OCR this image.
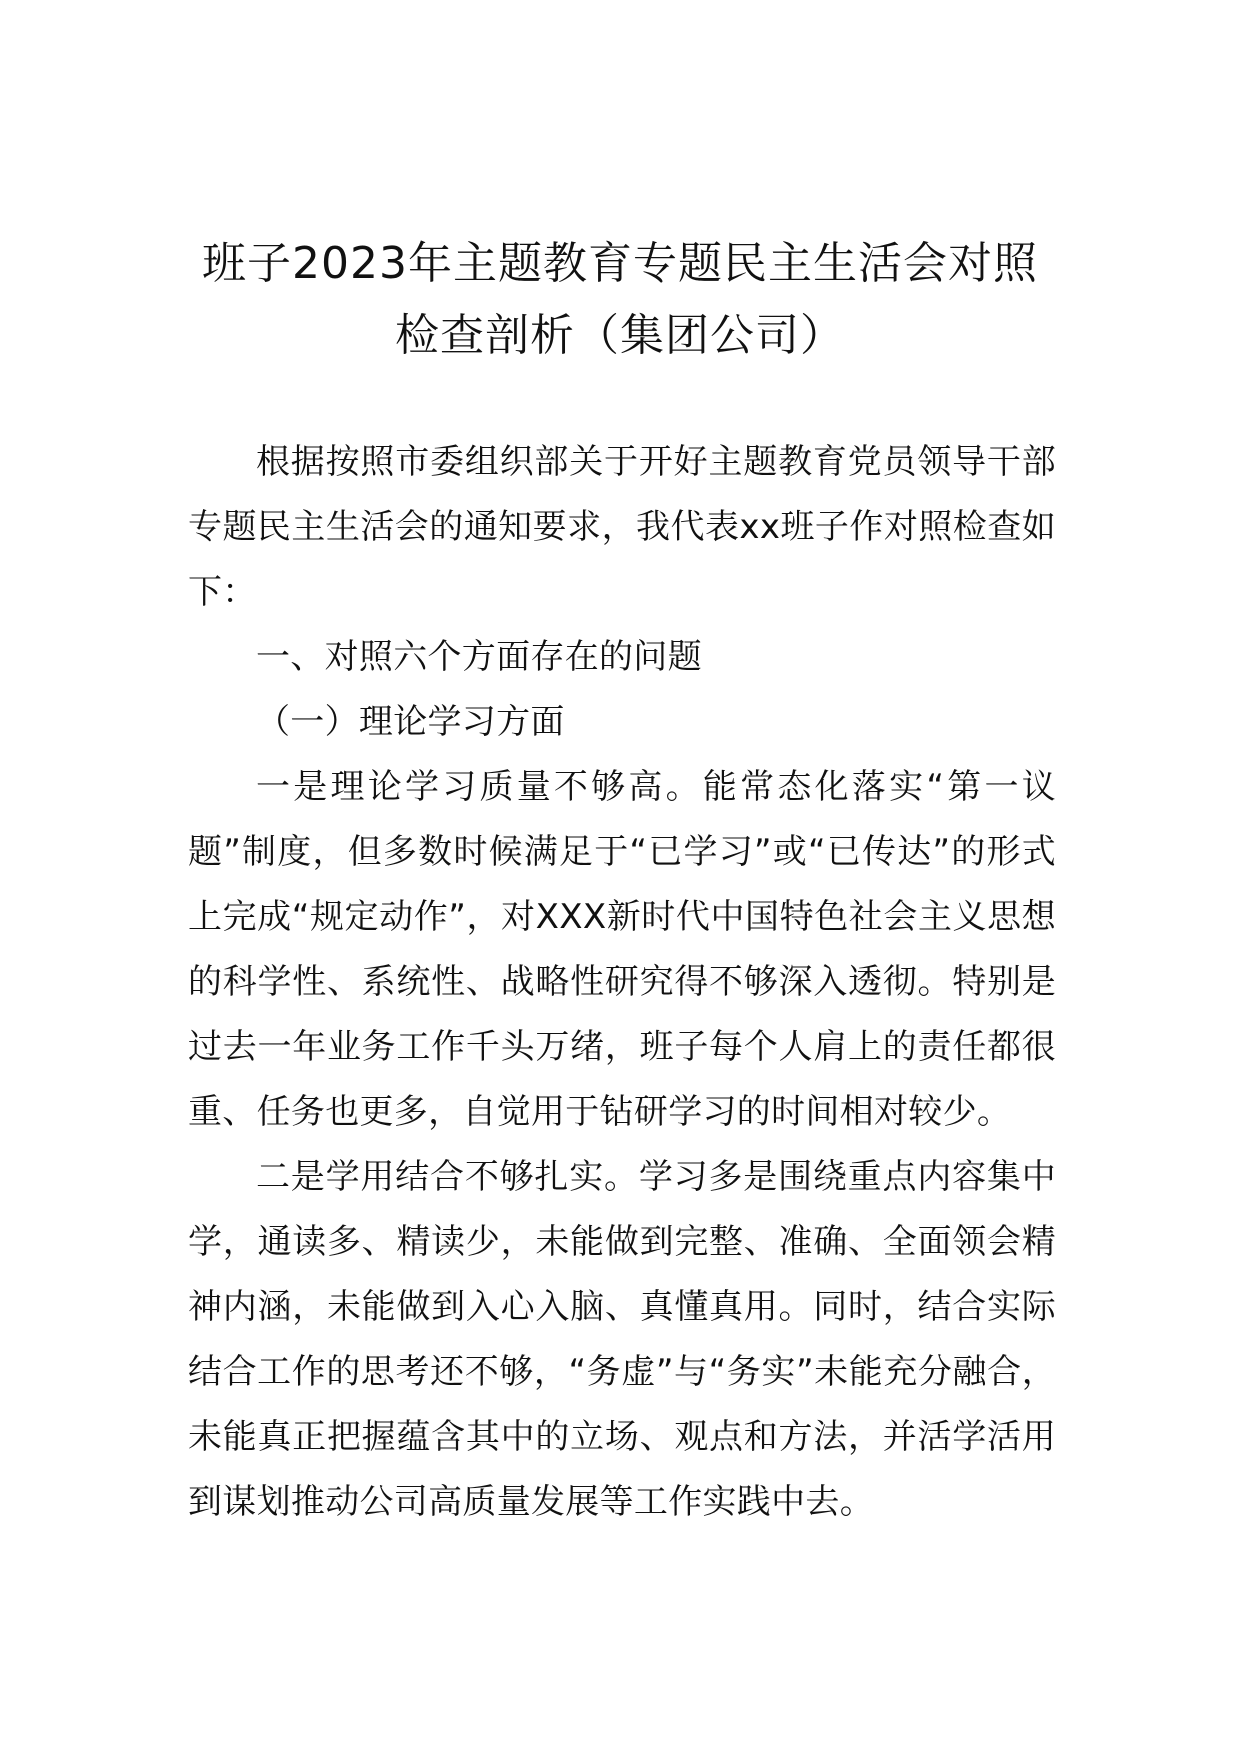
班子2023年主题教育专题民主生活会对照
检查剖析（集团公司）

根据按照市委组织部关于开好主题教育党员领导干部专题民主生活会的通知要求，我代表xx班子作对照检查如下：

一、对照六个方面存在的问题

（一）理论学习方面

一是理论学习质量不够高。能常态化落实“第一议题”制度，但多数时候满足于“已学习”或“已传达”的形式上完成“规定动作”，对XXX新时代中国特色社会主义思想的科学性、系统性、战略性研究得不够深入透彻。特别是过去一年业务工作千头万绪，班子每个人肩上的责任都很重、任务也更多，自觉用于钻研学习的时间相对较少。

二是学用结合不够扎实。学习多是围绕重点内容集中学，通读多、精读少，未能做到完整、准确、全面领会精神内涵，未能做到入心入脑、真懂真用。同时，结合实际结合工作的思考还不够，“务虚”与“务实”未能充分融合，未能真正把握蕴含其中的立场、观点和方法，并活学活用到谋划推动公司高质量发展等工作实践中去。
